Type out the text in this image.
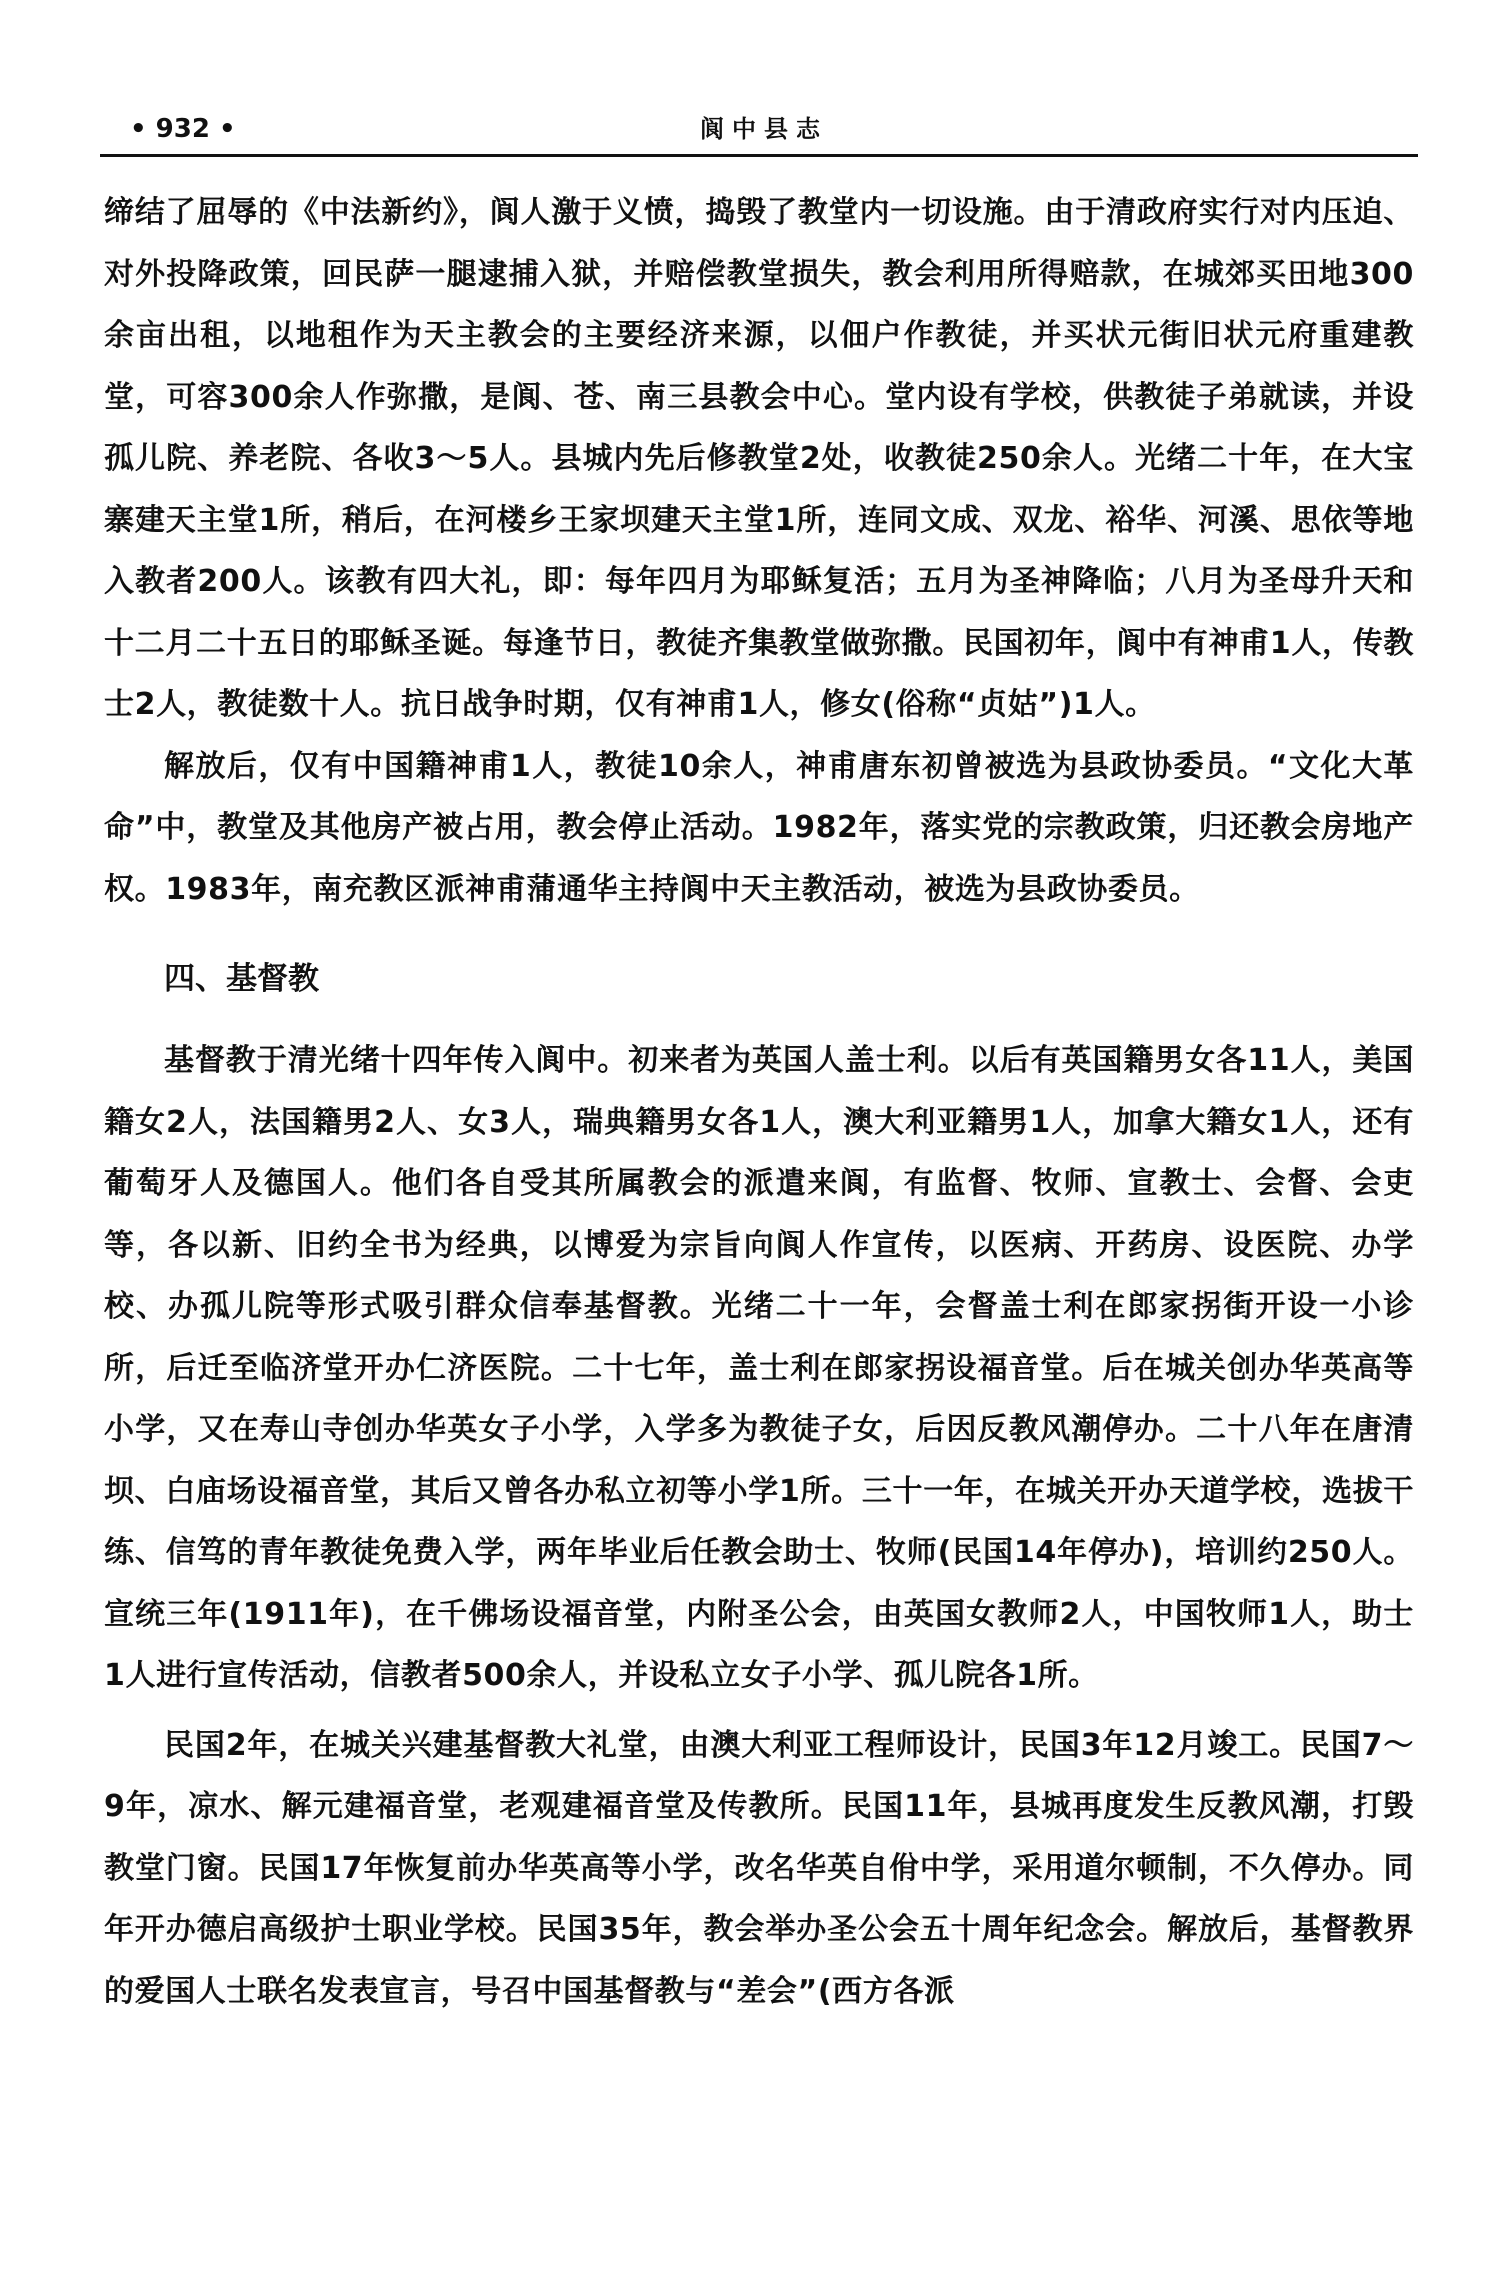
• 932 •	阆中县志

缔结了屈辱的《中法新约》，阆人激于义愤，捣毁了教堂内一切设施。由于清政府实行对内压迫、对外投降政策，回民萨一腿逮捕入狱，并赔偿教堂损失，教会利用所得赔款，在城郊买田地300余亩出租，以地租作为天主教会的主要经济来源，以佃户作教徒，并买状元街旧状元府重建教堂，可容300余人作弥撒，是阆、苍、南三县教会中心。堂内设有学校，供教徒子弟就读，并设孤儿院、养老院、各收3～5人。县城内先后修教堂2处，收教徒250余人。光绪二十年，在大宝寨建天主堂1所，稍后，在河楼乡王家坝建天主堂1所，连同文成、双龙、裕华、河溪、思依等地入教者200人。该教有四大礼，即：每年四月为耶稣复活；五月为圣神降临；八月为圣母升天和十二月二十五日的耶稣圣诞。每逢节日，教徒齐集教堂做弥撒。民国初年，阆中有神甫1人，传教士2人，教徒数十人。抗日战争时期，仅有神甫1人，修女(俗称“贞姑”)1人。

解放后，仅有中国籍神甫1人，教徒10余人，神甫唐东初曾被选为县政协委员。“文化大革命”中，教堂及其他房产被占用，教会停止活动。1982年，落实党的宗教政策，归还教会房地产权。1983年，南充教区派神甫蒲通华主持阆中天主教活动，被选为县政协委员。

四、基督教

基督教于清光绪十四年传入阆中。初来者为英国人盖士利。以后有英国籍男女各11人，美国籍女2人，法国籍男2人、女3人，瑞典籍男女各1人，澳大利亚籍男1人，加拿大籍女1人，还有葡萄牙人及德国人。他们各自受其所属教会的派遣来阆，有监督、牧师、宣教士、会督、会吏等，各以新、旧约全书为经典，以博爱为宗旨向阆人作宣传，以医病、开药房、设医院、办学校、办孤儿院等形式吸引群众信奉基督教。光绪二十一年，会督盖士利在郎家拐街开设一小诊所，后迁至临济堂开办仁济医院。二十七年，盖士利在郎家拐设福音堂。后在城关创办华英高等小学，又在寿山寺创办华英女子小学，入学多为教徒子女，后因反教风潮停办。二十八年在唐清坝、白庙场设福音堂，其后又曾各办私立初等小学1所。三十一年，在城关开办天道学校，选拔干练、信笃的青年教徒免费入学，两年毕业后任教会助士、牧师(民国14年停办)，培训约250人。宣统三年(1911年)，在千佛场设福音堂，内附圣公会，由英国女教师2人，中国牧师1人，助士1人进行宣传活动，信教者500余人，并设私立女子小学、孤儿院各1所。

民国2年，在城关兴建基督教大礼堂，由澳大利亚工程师设计，民国3年12月竣工。民国7～9年，凉水、解元建福音堂，老观建福音堂及传教所。民国11年，县城再度发生反教风潮，打毁教堂门窗。民国17年恢复前办华英高等小学，改名华英自佾中学，采用道尔顿制，不久停办。同年开办德启高级护士职业学校。民国35年，教会举办圣公会五十周年纪念会。解放后，基督教界的爱国人士联名发表宣言，号召中国基督教与“差会”(西方各派
